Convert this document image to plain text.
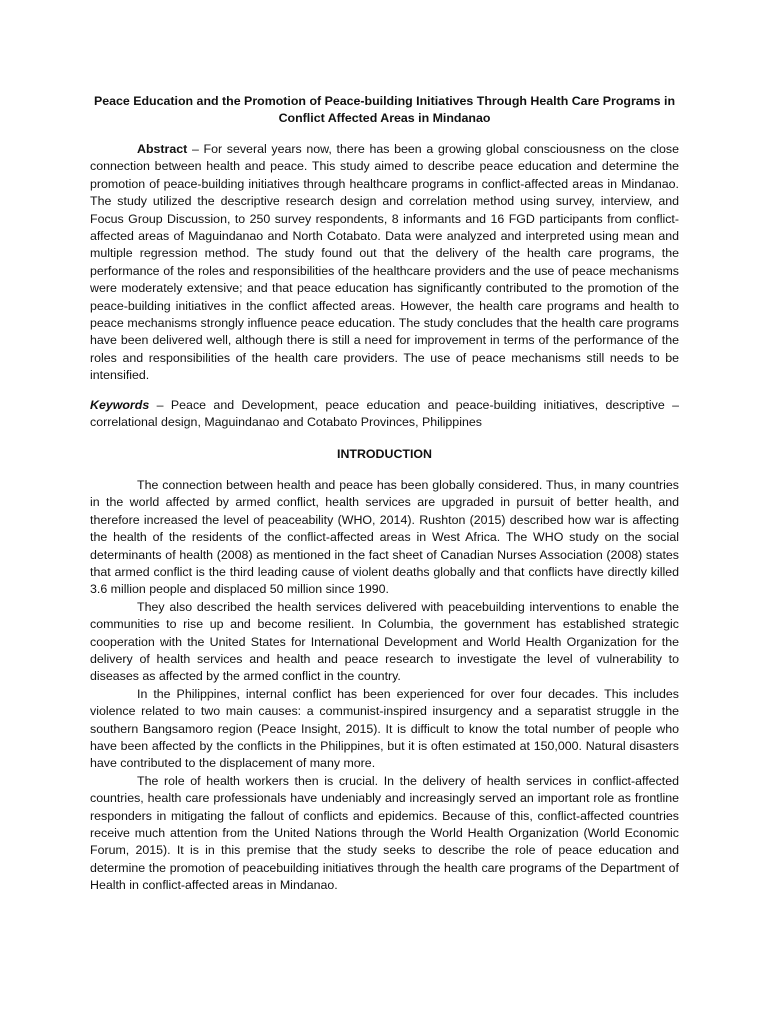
Peace Education and the Promotion of Peace-building Initiatives Through Health Care Programs in Conflict Affected Areas in Mindanao

Abstract – For several years now, there has been a growing global consciousness on the close connection between health and peace. This study aimed to describe peace education and determine the promotion of peace-building initiatives through healthcare programs in conflict-affected areas in Mindanao. The study utilized the descriptive research design and correlation method using survey, interview, and Focus Group Discussion, to 250 survey respondents, 8 informants and 16 FGD participants from conflict-affected areas of Maguindanao and North Cotabato. Data were analyzed and interpreted using mean and multiple regression method. The study found out that the delivery of the health care programs, the performance of the roles and responsibilities of the healthcare providers and the use of peace mechanisms were moderately extensive; and that peace education has significantly contributed to the promotion of the peace-building initiatives in the conflict affected areas. However, the health care programs and health to peace mechanisms strongly influence peace education. The study concludes that the health care programs have been delivered well, although there is still a need for improvement in terms of the performance of the roles and responsibilities of the health care providers. The use of peace mechanisms still needs to be intensified.

Keywords – Peace and Development, peace education and peace-building initiatives, descriptive – correlational design, Maguindanao and Cotabato Provinces, Philippines

INTRODUCTION

The connection between health and peace has been globally considered. Thus, in many countries in the world affected by armed conflict, health services are upgraded in pursuit of better health, and therefore increased the level of peaceability (WHO, 2014). Rushton (2015) described how war is affecting the health of the residents of the conflict-affected areas in West Africa. The WHO study on the social determinants of health (2008) as mentioned in the fact sheet of Canadian Nurses Association (2008) states that armed conflict is the third leading cause of violent deaths globally and that conflicts have directly killed 3.6 million people and displaced 50 million since 1990.

They also described the health services delivered with peacebuilding interventions to enable the communities to rise up and become resilient. In Columbia, the government has established strategic cooperation with the United States for International Development and World Health Organization for the delivery of health services and health and peace research to investigate the level of vulnerability to diseases as affected by the armed conflict in the country.

In the Philippines, internal conflict has been experienced for over four decades. This includes violence related to two main causes: a communist-inspired insurgency and a separatist struggle in the southern Bangsamoro region (Peace Insight, 2015). It is difficult to know the total number of people who have been affected by the conflicts in the Philippines, but it is often estimated at 150,000. Natural disasters have contributed to the displacement of many more.

The role of health workers then is crucial. In the delivery of health services in conflict-affected countries, health care professionals have undeniably and increasingly served an important role as frontline responders in mitigating the fallout of conflicts and epidemics. Because of this, conflict-affected countries receive much attention from the United Nations through the World Health Organization (World Economic Forum, 2015). It is in this premise that the study seeks to describe the role of peace education and determine the promotion of peacebuilding initiatives through the health care programs of the Department of Health in conflict-affected areas in Mindanao.
